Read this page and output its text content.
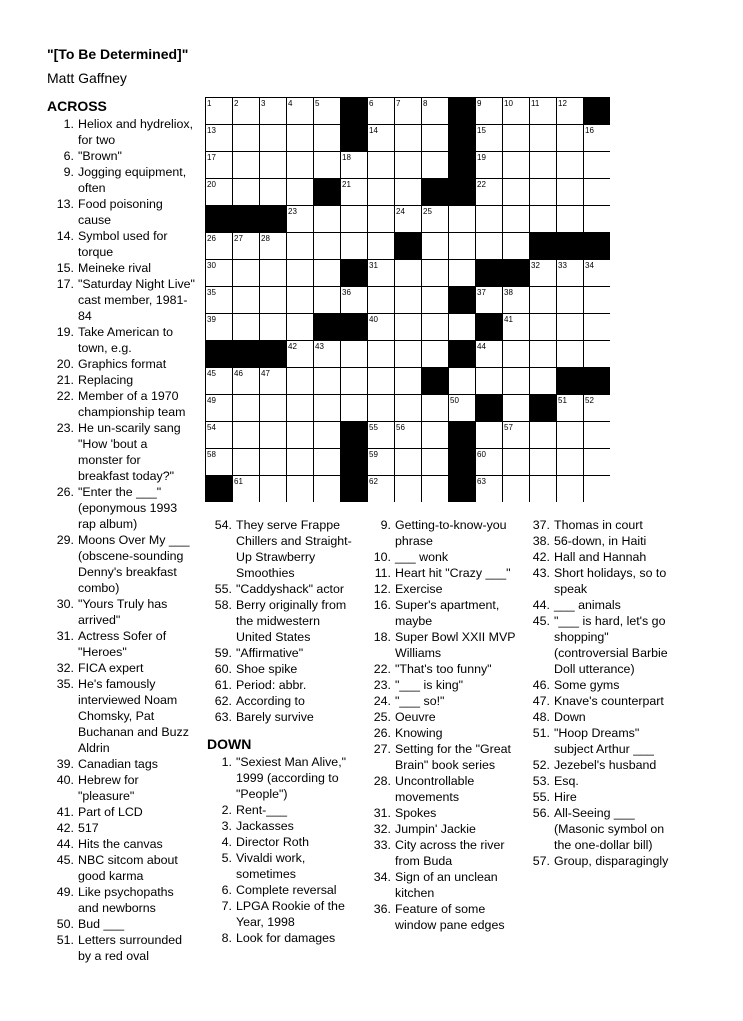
"[To Be Determined]"
Matt Gaffney
1	2	3	4	5	6	7	8	9	10 11 12
13	14	15	16
17	18	19
20	21	22
23	24 25
26 27 28
30	31	32 33 34
35	36	37 38
39	40	41
42 43	44
45 46 47
49	50	51 52
54	55 56	57
58	59	60
61	62	63
ACROSS
1. Heliox and hydreliox, for two
6. "Brown"
9. Jogging equipment, often
13. Food poisoning cause
14. Symbol used for torque
15. Meineke rival
17. "Saturday Night Live" cast member, 1981-84
19. Take American to town, e.g.
20. Graphics format
21. Replacing
22. Member of a 1970 championship team
23. He un-scarily sang "How 'bout a monster for breakfast today?"
26. "Enter the ___" (eponymous 1993 rap album)
29. Moons Over My ___ (obscene-sounding Denny's breakfast combo)
30. "Yours Truly has arrived"
31. Actress Sofer of "Heroes"
32. FICA expert
35. He's famously interviewed Noam Chomsky, Pat Buchanan and Buzz Aldrin
39. Canadian tags
40. Hebrew for "pleasure"
41. Part of LCD
42. 517
44. Hits the canvas
45. NBC sitcom about good karma
49. Like psychopaths and newborns
50. Bud ___
51. Letters surrounded by a red oval
54. They serve Frappe Chillers and Straight-Up Strawberry Smoothies
55. "Caddyshack" actor
58. Berry originally from the midwestern United States
59. "Affirmative"
60. Shoe spike
61. Period: abbr.
62. According to
63. Barely survive
DOWN
1. "Sexiest Man Alive," 1999 (according to "People")
2. Rent-___
3. Jackasses
4. Director Roth
5. Vivaldi work, sometimes
6. Complete reversal
7. LPGA Rookie of the Year, 1998
8. Look for damages
9. Getting-to-know-you phrase
10. ___ wonk
11. Heart hit "Crazy ___"
12. Exercise
16. Super's apartment, maybe
18. Super Bowl XXII MVP Williams
22. "That's too funny"
23. "___ is king"
24. "___ so!"
25. Oeuvre
26. Knowing
27. Setting for the "Great Brain" book series
28. Uncontrollable movements
31. Spokes
32. Jumpin' Jackie
33. City across the river from Buda
34. Sign of an unclean kitchen
36. Feature of some window pane edges
37. Thomas in court
38. 56-down, in Haiti
42. Hall and Hannah
43. Short holidays, so to speak
44. ___ animals
45. "___ is hard, let's go shopping" (controversial Barbie Doll utterance)
46. Some gyms
47. Knave's counterpart
48. Down
51. "Hoop Dreams" subject Arthur ___
52. Jezebel's husband
53. Esq.
55. Hire
56. All-Seeing ___ (Masonic symbol on the one-dollar bill)
57. Group, disparagingly
